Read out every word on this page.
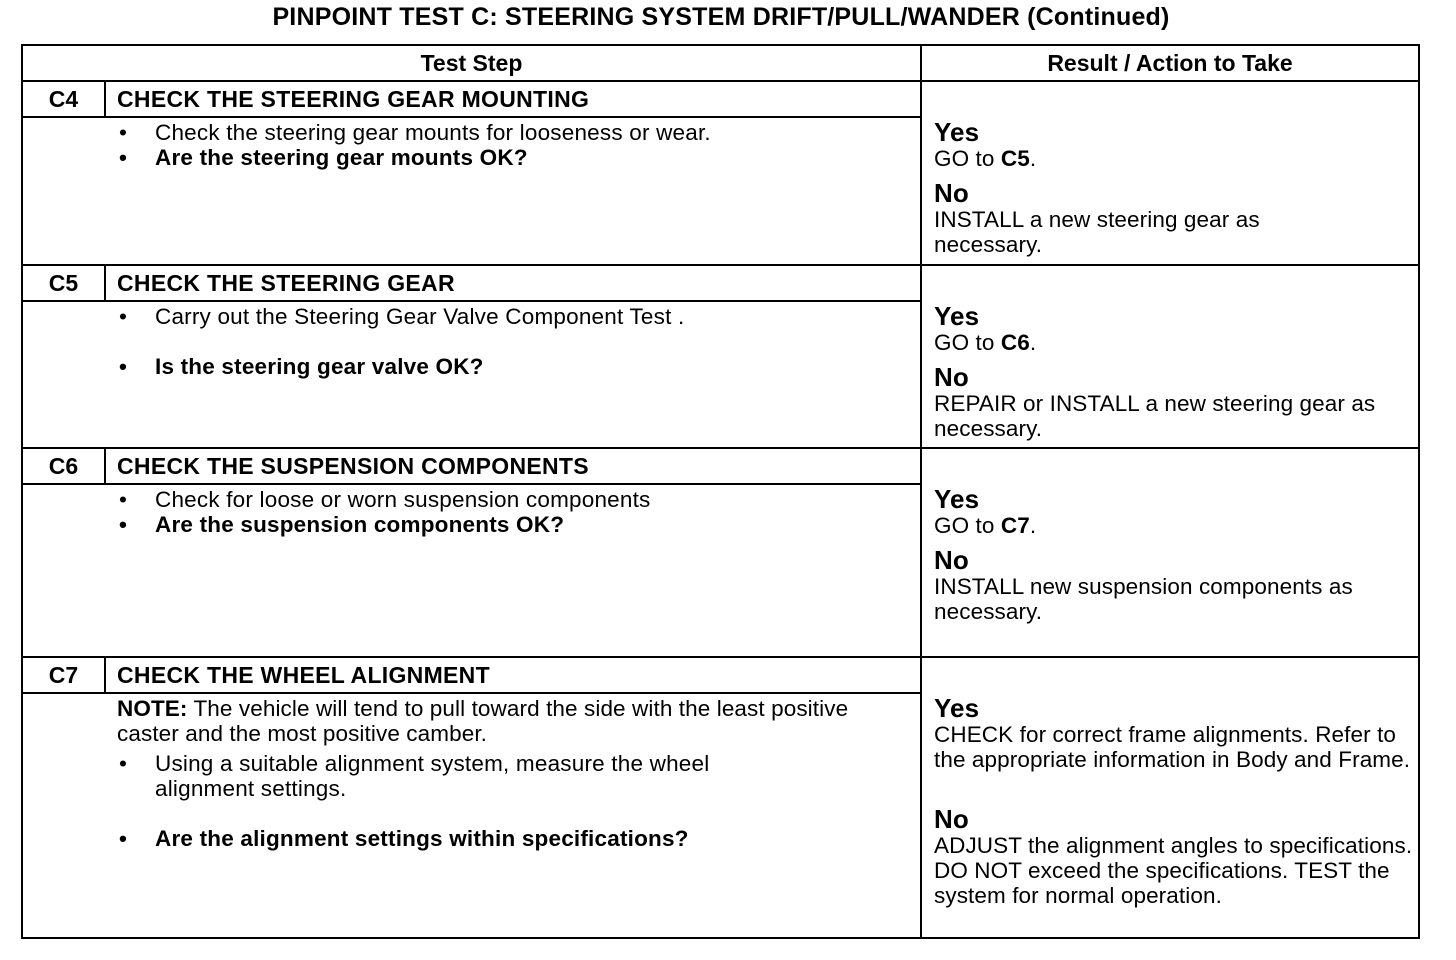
PINPOINT TEST C: STEERING SYSTEM DRIFT/PULL/WANDER (Continued)
Test Step	Result / Action to Take
C4	CHECK THE STEERING GEAR MOUNTING
• Check the steering gear mounts for looseness or wear.
• Are the steering gear mounts OK?
Yes
GO to C5.
No
INSTALL a new steering gear as necessary.
C5	CHECK THE STEERING GEAR
• Carry out the Steering Gear Valve Component Test .
• Is the steering gear valve OK?
Yes
GO to C6.
No
REPAIR or INSTALL a new steering gear as necessary.
C6	CHECK THE SUSPENSION COMPONENTS
• Check for loose or worn suspension components
• Are the suspension components OK?
Yes
GO to C7.
No
INSTALL new suspension components as necessary.
C7	CHECK THE WHEEL ALIGNMENT
NOTE: The vehicle will tend to pull toward the side with the least positive caster and the most positive camber.
• Using a suitable alignment system, measure the wheel alignment settings.
• Are the alignment settings within specifications?
Yes
CHECK for correct frame alignments. Refer to the appropriate information in Body and Frame.
No
ADJUST the alignment angles to specifications. DO NOT exceed the specifications. TEST the system for normal operation.
